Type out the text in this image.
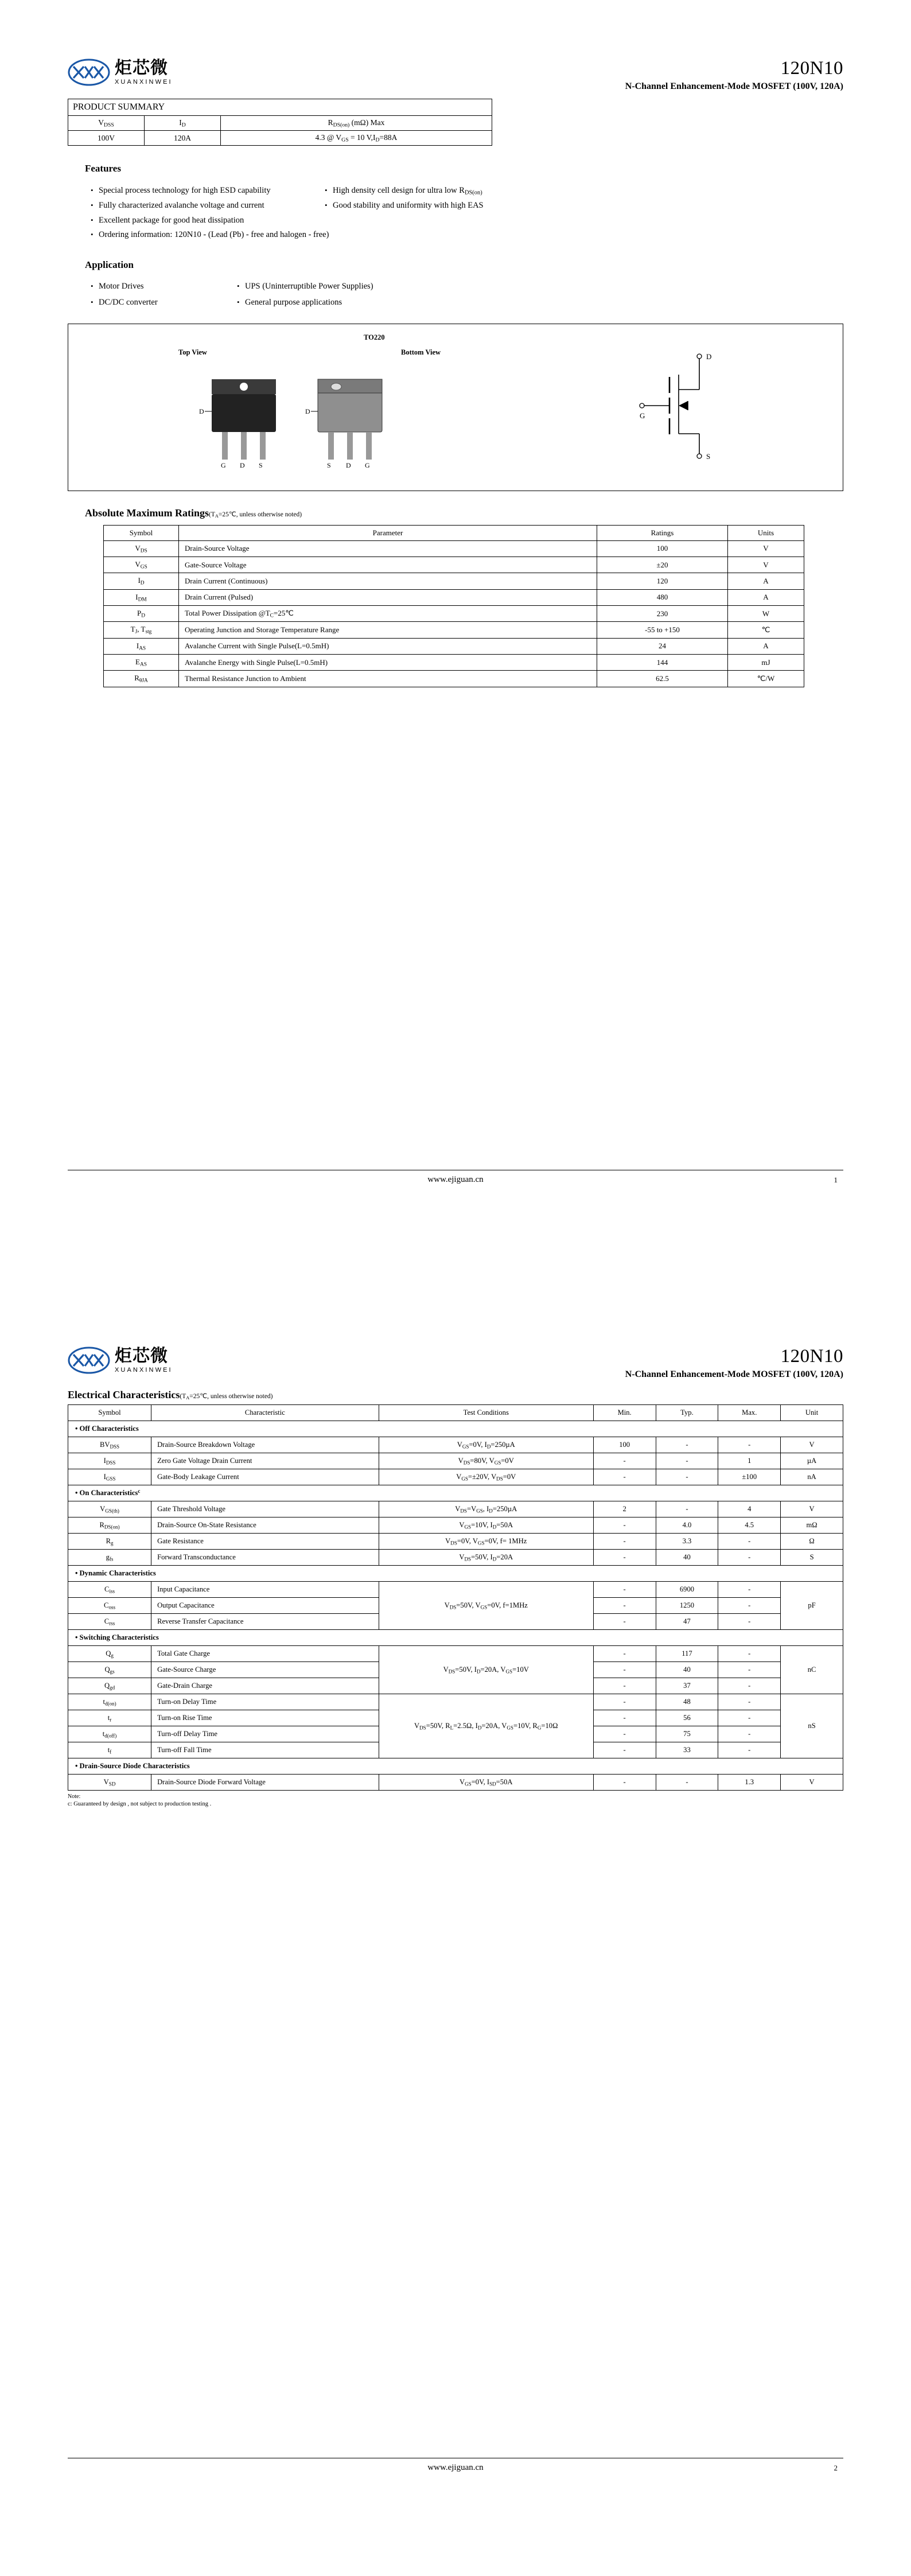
炬芯微
XUANXINWEI
120N10
N-Channel Enhancement-Mode MOSFET (100V, 120A)
PRODUCT SUMMARY		
$V_{DSS}$	$I_D$	$R_{DS(on)}$ (mΩ) Max
100V	120A	4.3 @ $V_{GS} = 10$ $V,I_D=88A$
Features
• Special process technology for high ESD capability	• High density cell design for ultra low $R_{DS(on)}$
• Fully characterized avalanche voltage and current	• Good stability and uniformity with high EAS
• Excellent package for good heat dissipation
• Ordering information: 120N10 - (Lead (Pb) - free and halogen - free)
Application
• Motor Drives	• UPS (Uninterruptible Power Supplies)
• DC/DC converter	• General purpose applications
TO220
Top View	Bottom View
D
G D S
D
S D G
D
G
S
Absolute Maximum $Ratings(T_A=25℃$, unless otherwise noted)
Symbol	Parameter	Ratings	Units
$V_{DS}$	Drain-Source Voltage	100	V
$V_{GS}$	Gate-Source Voltage	±20	V
$I_D$	Drain Current (Continuous)	120	A
$I_{DM}$	Drain Current (Pulsed)	480	A
$P_D$	Total Power Dissipation $@T_C=25℃$	230	W
$T_J$, $T_{stg}$	Operating Junction and Storage Temperature Range	-55 to +150	℃
$I_{AS}$	Avalanche Current with Single Pulse(L=0.5mH)	24	A
$E_{AS}$	Avalanche Energy with Single Pulse(L=0.5mH)	144	mJ
$R_{\theta JA}$	Thermal Resistance Junction to Ambient	62.5	℃/W
www.ejiguan.cn	1
炬芯微
XUANXINWEI
120N10
N-Channel Enhancement-Mode MOSFET (100V, 120A)
Electrical $Characteristics(T_A=25℃$, unless otherwise noted)
Symbol	Characteristic	Test Conditions	Min.	Typ.	Max.	Unit
• Off Characteristics						
$BV_{DSS}$	Drain-Source Breakdown Voltage	$V_{GS}=0V$, $I_D=250\mu A$	100	-	-	V
$I_{DSS}$	Zero Gate Voltage Drain Current	$V_{DS}=80V$, $V_{GS}=0V$	-	-	1	µA
$I_{GSS}$	Gate-Body Leakage Current	$V_{GS}=\pm 20V$, $V_{DS}=0V$	-	-	±100	nA
• On Characteristics$^c$
$V_{GS(th)}$	Gate Threshold Voltage	$V_{DS}=V_{GS}$, $I_D=250\mu A$	2	-	4	V
$R_{DS(on)}$	Drain-Source On-State Resistance	$V_{GS}=10V$, $I_D=50A$	-	4.0	4.5	mΩ
$R_g$	Gate Resistance	$V_{DS}=0V$, $V_{GS}=0V$, f= 1MHz	-	3.3	-	Ω
$g_{fs}$	Forward Transconductance	$V_{DS}=50V$, $I_D=20A$	-	40	-	S
• Dynamic Characteristics						
$C_{iss}$	Input Capacitance	$V_{DS}=50V$, $V_{GS}=0V$, f=1MHz	-	6900	-	pF
$C_{oss}$	Output Capacitance		-	1250	-	
$C_{rss}$	Reverse Transfer Capacitance		-	47	-	
• Switching Characteristics						
$Q_g$	Total Gate Charge	$V_{DS}=50V$, $I_D=20A$, $V_{GS}=10V$	-	117	-	nC
$Q_{gs}$	Gate-Source Charge		-	40	-	
$Q_{gd}$	Gate-Drain Charge		-	37	-	
$t_{d(on)}$	Turn-on Delay Time	$V_{DS}=50V$, $R_L=2.5\Omega$, $I_D=20A$, $V_{GS}=10V$, $R_G=10\Omega$	-	48	-	nS
$t_r$	Turn-on Rise Time		-	56	-	
$t_{d(off)}$	Turn-off Delay Time		-	75	-	
$t_f$	Turn-off Fall Time		-	33	-	
• Drain-Source Diode Characteristics						
$V_{SD}$	Drain-Source Diode Forward Voltage	$V_{GS}=0V$, $I_{SD}=50A$	-	-	1.3	V
Note:
c: Guaranteed by design , not subject to production testing .
www.ejiguan.cn	2
